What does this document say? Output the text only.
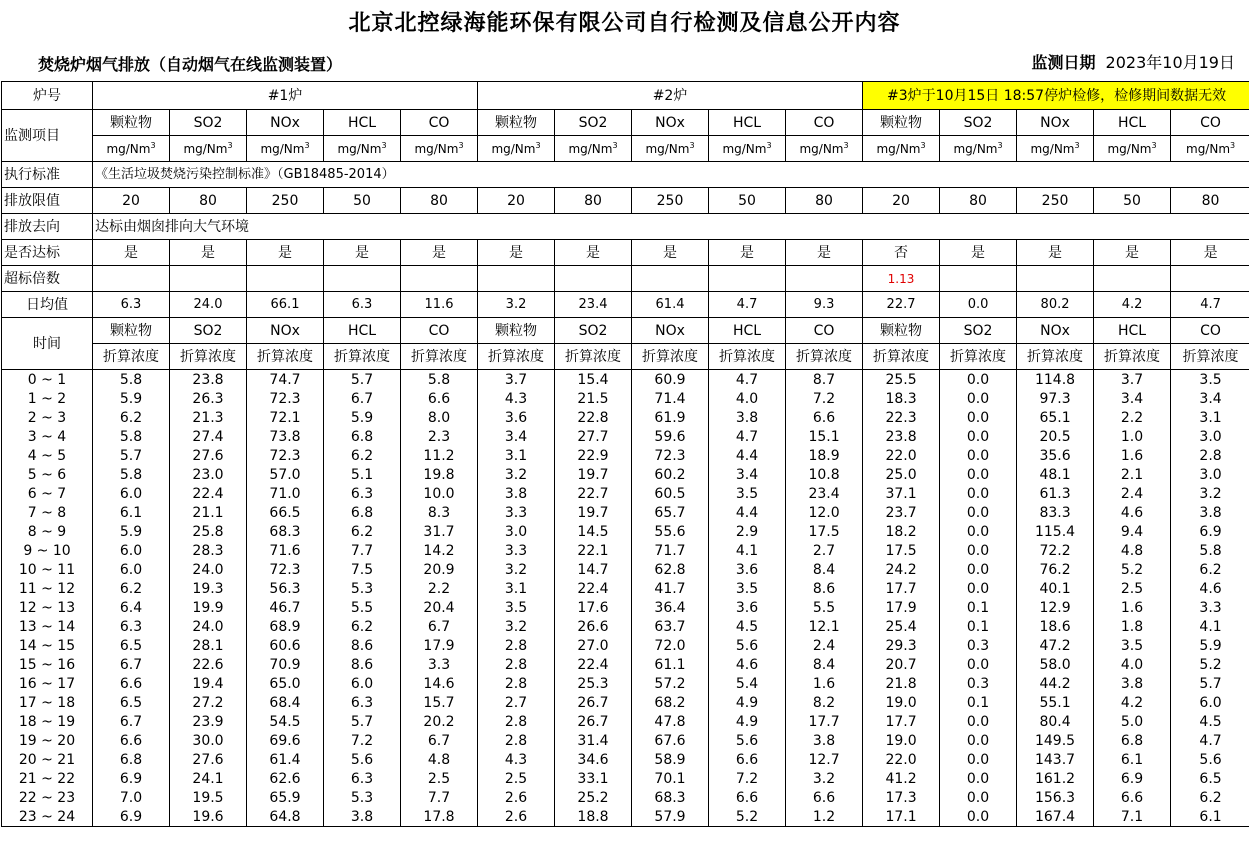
北京北控绿海能环保有限公司自行检测及信息公开内容
焚烧炉烟气排放（自动烟气在线监测装置）	监测日期 2023年10月19日
炉号	#1炉					#2炉					#3炉于10月15日 18:57停炉检修，检修期间数据无效				
监测项目	颗粒物	SO2	NOx	HCL	CO	颗粒物	SO2	NOx	HCL	CO	颗粒物	SO2	NOx	HCL	CO
	mg/Nm$^3$	mg/Nm$^3$	mg/Nm$^3$	mg/Nm$^3$	mg/Nm$^3$	mg/Nm$^3$	mg/Nm$^3$	mg/Nm$^3$	mg/Nm$^3$	mg/Nm$^3$	mg/Nm$^3$	mg/Nm$^3$	mg/Nm$^3$	mg/Nm$^3$	mg/Nm$^3$
执行标准	《生活垃圾焚烧污染控制标准》（GB18485-2014）														
排放限值	20	80	250	50	80	20	80	250	50	80	20	80	250	50	80
排放去向	达标由烟囱排向大气环境														
是否达标	是	是	是	是	是	是	是	是	是	是	否	是	是	是	是
超标倍数											1.13				
日均值	6.3	24.0	66.1	6.3	11.6	3.2	23.4	61.4	4.7	9.3	22.7	0.0	80.2	4.2	4.7
时间	颗粒物	SO2	NOx	HCL	CO	颗粒物	SO2	NOx	HCL	CO	颗粒物	SO2	NOx	HCL	CO
	折算浓度	折算浓度	折算浓度	折算浓度	折算浓度	折算浓度	折算浓度	折算浓度	折算浓度	折算浓度	折算浓度	折算浓度	折算浓度	折算浓度	折算浓度
0 ~ 1	5.8	23.8	74.7	5.7	5.8	3.7	15.4	60.9	4.7	8.7	25.5	0.0	114.8	3.7	3.5
1 ~ 2	5.9	26.3	72.3	6.7	6.6	4.3	21.5	71.4	4.0	7.2	18.3	0.0	97.3	3.4	3.4
2 ~ 3	6.2	21.3	72.1	5.9	8.0	3.6	22.8	61.9	3.8	6.6	22.3	0.0	65.1	2.2	3.1
3 ~ 4	5.8	27.4	73.8	6.8	2.3	3.4	27.7	59.6	4.7	15.1	23.8	0.0	20.5	1.0	3.0
4 ~ 5	5.7	27.6	72.3	6.2	11.2	3.1	22.9	72.3	4.4	18.9	22.0	0.0	35.6	1.6	2.8
5 ~ 6	5.8	23.0	57.0	5.1	19.8	3.2	19.7	60.2	3.4	10.8	25.0	0.0	48.1	2.1	3.0
6 ~ 7	6.0	22.4	71.0	6.3	10.0	3.8	22.7	60.5	3.5	23.4	37.1	0.0	61.3	2.4	3.2
7 ~ 8	6.1	21.1	66.5	6.8	8.3	3.3	19.7	65.7	4.4	12.0	23.7	0.0	83.3	4.6	3.8
8 ~ 9	5.9	25.8	68.3	6.2	31.7	3.0	14.5	55.6	2.9	17.5	18.2	0.0	115.4	9.4	6.9
9 ~ 10	6.0	28.3	71.6	7.7	14.2	3.3	22.1	71.7	4.1	2.7	17.5	0.0	72.2	4.8	5.8
10 ~ 11	6.0	24.0	72.3	7.5	20.9	3.2	14.7	62.8	3.6	8.4	24.2	0.0	76.2	5.2	6.2
11 ~ 12	6.2	19.3	56.3	5.3	2.2	3.1	22.4	41.7	3.5	8.6	17.7	0.0	40.1	2.5	4.6
12 ~ 13	6.4	19.9	46.7	5.5	20.4	3.5	17.6	36.4	3.6	5.5	17.9	0.1	12.9	1.6	3.3
13 ~ 14	6.3	24.0	68.9	6.2	6.7	3.2	26.6	63.7	4.5	12.1	25.4	0.1	18.6	1.8	4.1
14 ~ 15	6.5	28.1	60.6	8.6	17.9	2.8	27.0	72.0	5.6	2.4	29.3	0.3	47.2	3.5	5.9
15 ~ 16	6.7	22.6	70.9	8.6	3.3	2.8	22.4	61.1	4.6	8.4	20.7	0.0	58.0	4.0	5.2
16 ~ 17	6.6	19.4	65.0	6.0	14.6	2.8	25.3	57.2	5.4	1.6	21.8	0.3	44.2	3.8	5.7
17 ~ 18	6.5	27.2	68.4	6.3	15.7	2.7	26.7	68.2	4.9	8.2	19.0	0.1	55.1	4.2	6.0
18 ~ 19	6.7	23.9	54.5	5.7	20.2	2.8	26.7	47.8	4.9	17.7	17.7	0.0	80.4	5.0	4.5
19 ~ 20	6.6	30.0	69.6	7.2	6.7	2.8	31.4	67.6	5.6	3.8	19.0	0.0	149.5	6.8	4.7
20 ~ 21	6.8	27.6	61.4	5.6	4.8	4.3	34.6	58.9	6.6	12.7	22.0	0.0	143.7	6.1	5.6
21 ~ 22	6.9	24.1	62.6	6.3	2.5	2.5	33.1	70.1	7.2	3.2	41.2	0.0	161.2	6.9	6.5
22 ~ 23	7.0	19.5	65.9	5.3	7.7	2.6	25.2	68.3	6.6	6.6	17.3	0.0	156.3	6.6	6.2
23 ~ 24	6.9	19.6	64.8	3.8	17.8	2.6	18.8	57.9	5.2	1.2	17.1	0.0	167.4	7.1	6.1
